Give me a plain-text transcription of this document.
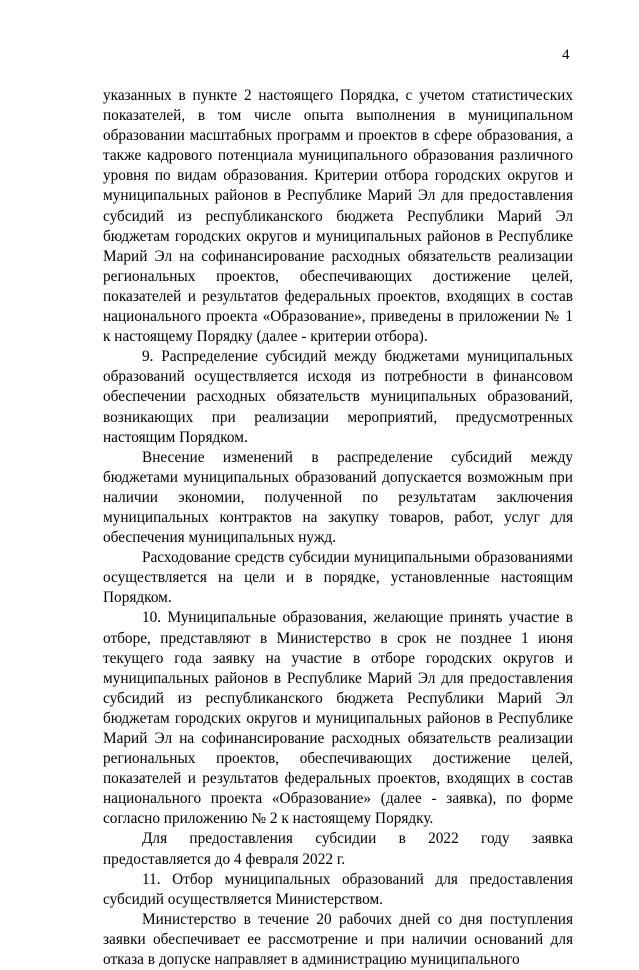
4

указанных в пункте 2 настоящего Порядка, с учетом статистических показателей, в том числе опыта выполнения в муниципальном образовании масштабных программ и проектов в сфере образования, а также кадрового потенциала муниципального образования различного уровня по видам образования. Критерии отбора городских округов и муниципальных районов в Республике Марий Эл для предоставления субсидий из республиканского бюджета Республики Марий Эл бюджетам городских округов и муниципальных районов в Республике Марий Эл на софинансирование расходных обязательств реализации региональных проектов, обеспечивающих достижение целей, показателей и результатов федеральных проектов, входящих в состав национального проекта «Образование», приведены в приложении № 1 к настоящему Порядку (далее - критерии отбора).

9. Распределение субсидий между бюджетами муниципальных образований осуществляется исходя из потребности в финансовом обеспечении расходных обязательств муниципальных образований, возникающих при реализации мероприятий, предусмотренных настоящим Порядком.

Внесение изменений в распределение субсидий между бюджетами муниципальных образований допускается возможным при наличии экономии, полученной по результатам заключения муниципальных контрактов на закупку товаров, работ, услуг для обеспечения муниципальных нужд.

Расходование средств субсидии муниципальными образованиями осуществляется на цели и в порядке, установленные настоящим Порядком.

10. Муниципальные образования, желающие принять участие в отборе, представляют в Министерство в срок не позднее 1 июня текущего года заявку на участие в отборе городских округов и муниципальных районов в Республике Марий Эл для предоставления субсидий из республиканского бюджета Республики Марий Эл бюджетам городских округов и муниципальных районов в Республике Марий Эл на софинансирование расходных обязательств реализации региональных проектов, обеспечивающих достижение целей, показателей и результатов федеральных проектов, входящих в состав национального проекта «Образование» (далее - заявка), по форме согласно приложению № 2 к настоящему Порядку.

Для предоставления субсидии в 2022 году заявка предоставляется до 4 февраля 2022 г.

11. Отбор муниципальных образований для предоставления субсидий осуществляется Министерством.

Министерство в течение 20 рабочих дней со дня поступления заявки обеспечивает ее рассмотрение и при наличии оснований для отказа в допуске направляет в администрацию муниципального
